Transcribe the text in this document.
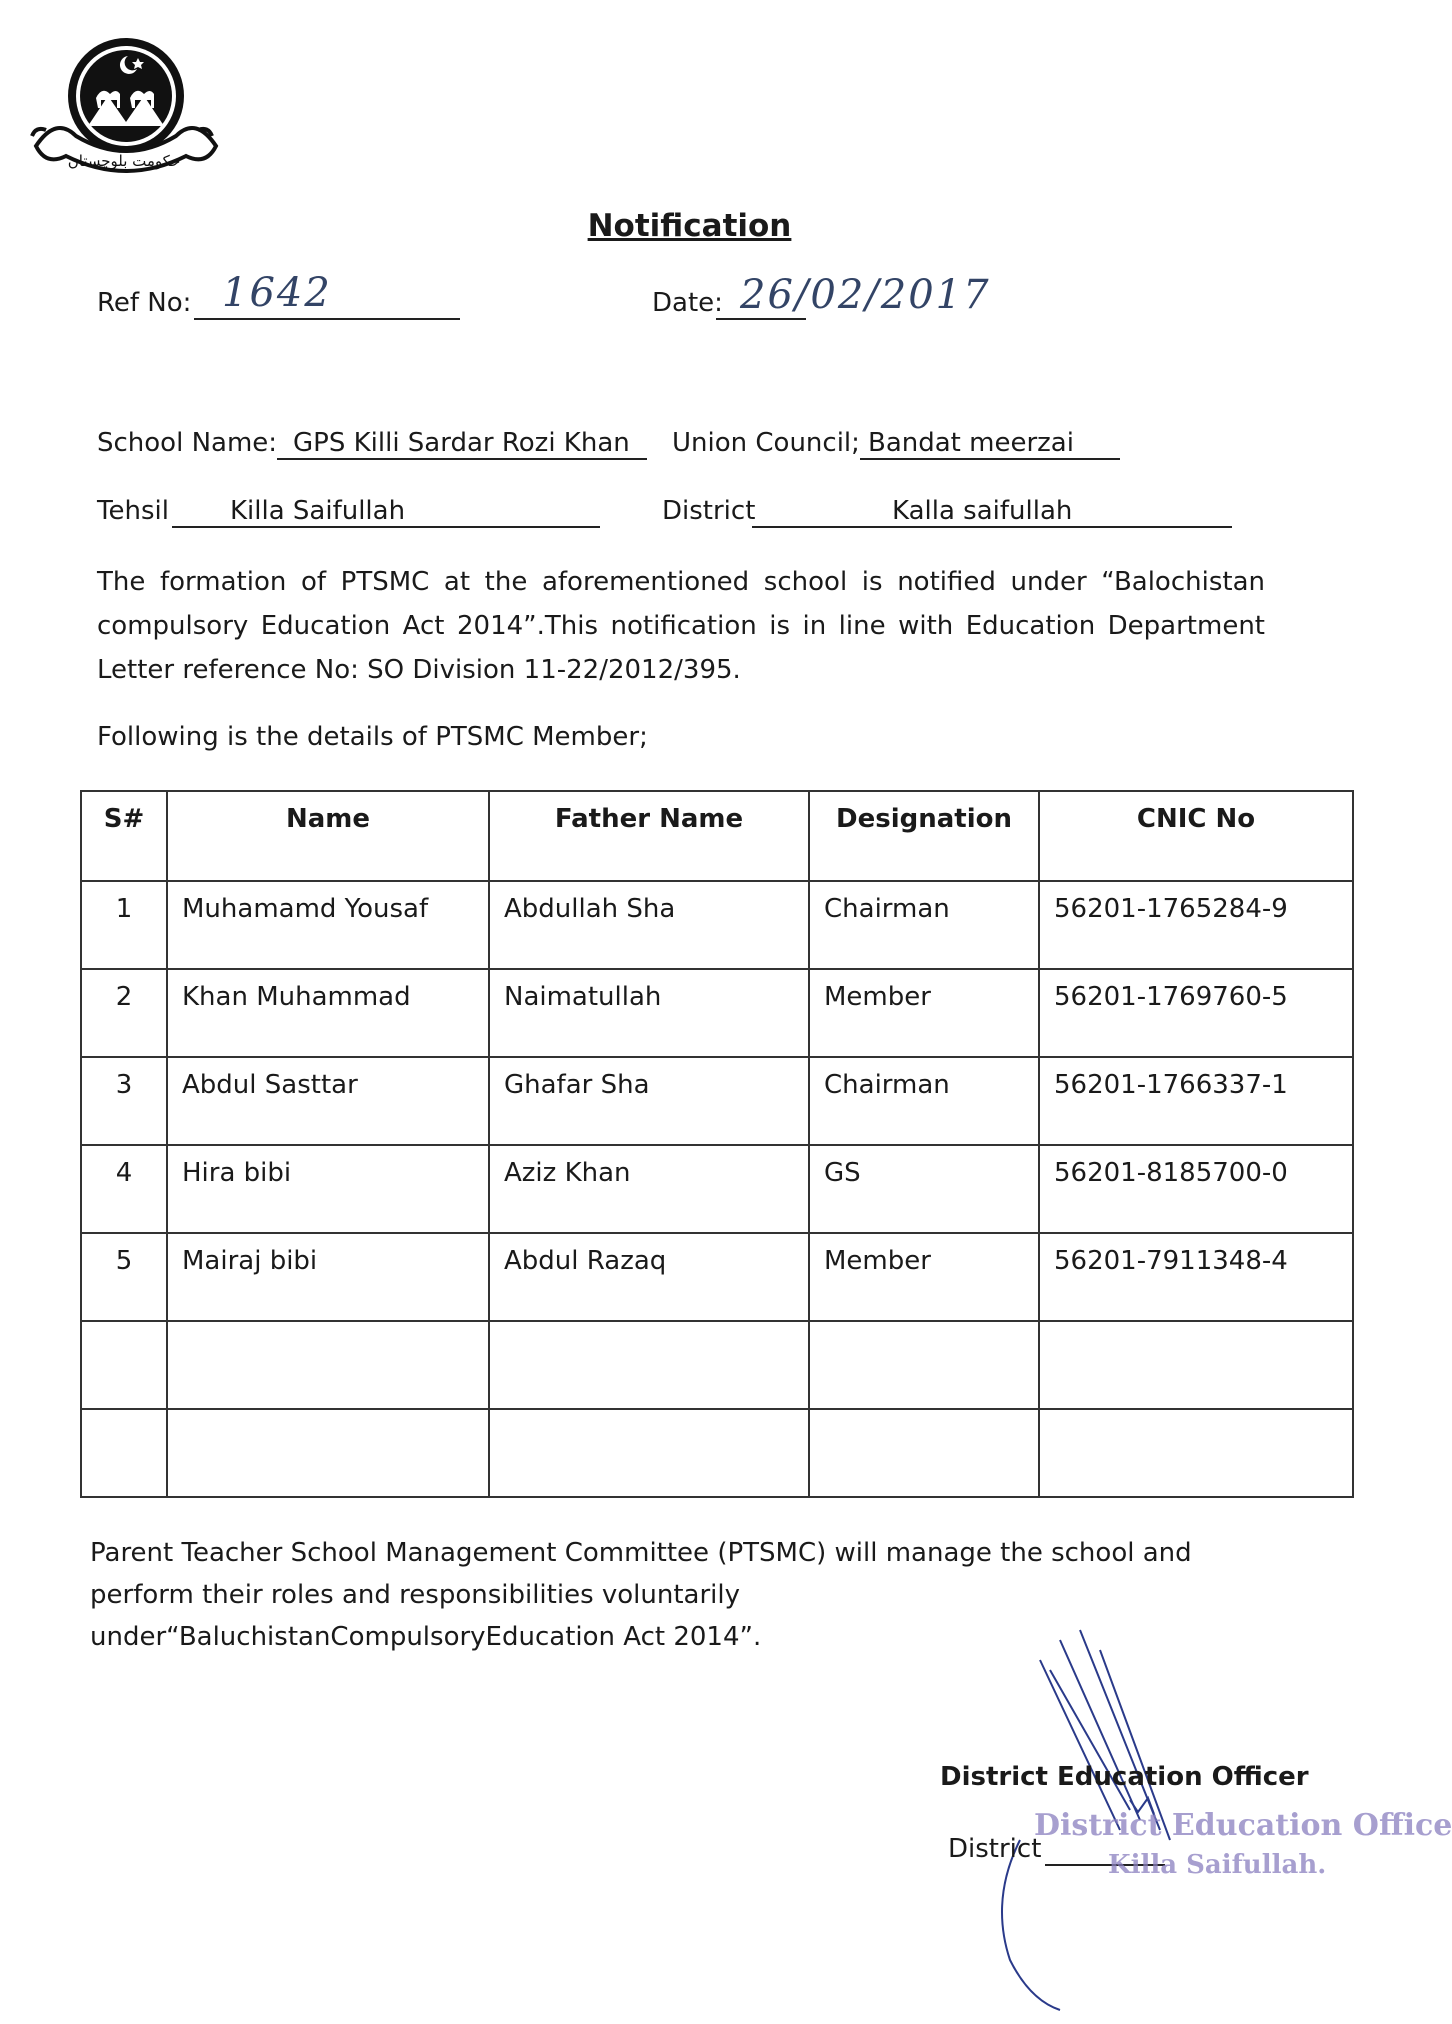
حکومت بلوچستان
Notification
Ref No: 1642	Date: 26/02/2017
School Name: GPS Killi Sardar Rozi Khan Union Council; Bandat meerzai
Tehsil Killa Saifullah	District	Kalla saifullah
The formation of PTSMC at the aforementioned school is notified under “Balochistan compulsory Education Act 2014”.This notification is in line with Education Department Letter reference No: SO Division 11-22/2012/395.
Following is the details of PTSMC Member;
S#	Name	Father Name	Designation	CNIC No
1	Muhamamd Yousaf	Abdullah Sha	Chairman	56201-1765284-9
2	Khan Muhammad	Naimatullah	Member	56201-1769760-5
3	Abdul Sasttar	Ghafar Sha	Chairman	56201-1766337-1
4	Hira bibi	Aziz Khan	GS	56201-8185700-0
5	Mairaj bibi	Abdul Razaq	Member	56201-7911348-4

Parent Teacher School Management Committee (PTSMC) will manage the school and perform their roles and responsibilities voluntarily under“BaluchistanCompulsoryEducation Act 2014”.
District Education Officer
District
District Education Office
Killa Saifullah.
